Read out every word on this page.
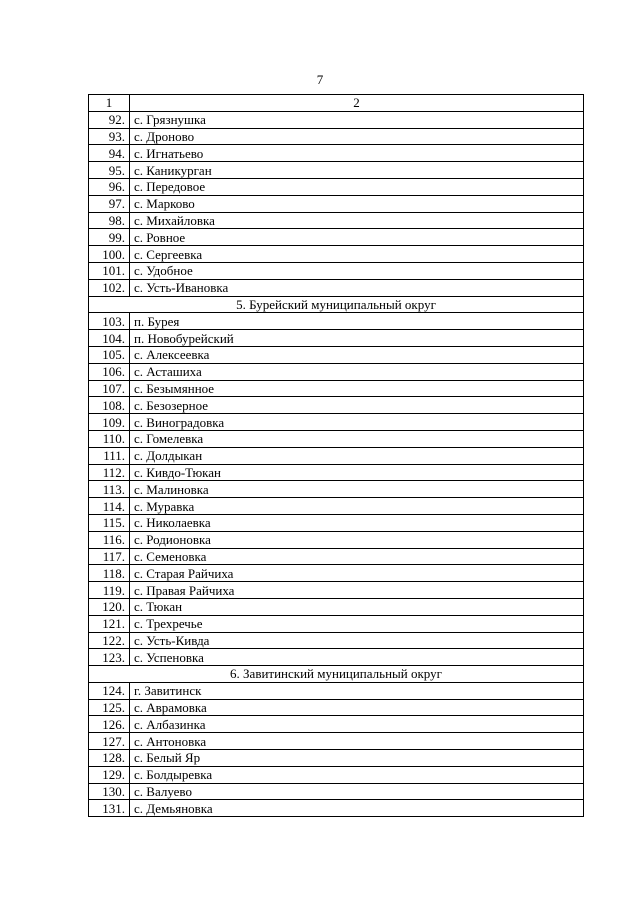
7
1	2
92.	с. Грязнушка
93.	с. Дроново
94.	с. Игнатьево
95.	с. Каникурган
96.	с. Передовое
97.	с. Марково
98.	с. Михайловка
99.	с. Ровное
100.	с. Сергеевка
101.	с. Удобное
102.	с. Усть-Ивановка
5. Бурейский муниципальный округ	
103.	п. Бурея
104.	п. Новобурейский
105.	с. Алексеевка
106.	с. Асташиха
107.	с. Безымянное
108.	с. Безозерное
109.	с. Виноградовка
110.	с. Гомелевка
111.	с. Долдыкан
112.	с. Кивдо-Тюкан
113.	с. Малиновка
114.	с. Муравка
115.	с. Николаевка
116.	с. Родионовка
117.	с. Семеновка
118.	с. Старая Райчиха
119.	с. Правая Райчиха
120.	с. Тюкан
121.	с. Трехречье
122.	с. Усть-Кивда
123.	с. Успеновка
6. Завитинский муниципальный округ	
124.	г. Завитинск
125.	с. Аврамовка
126.	с. Албазинка
127.	с. Антоновка
128.	с. Белый Яр
129.	с. Болдыревка
130.	с. Валуево
131.	с. Демьяновка
